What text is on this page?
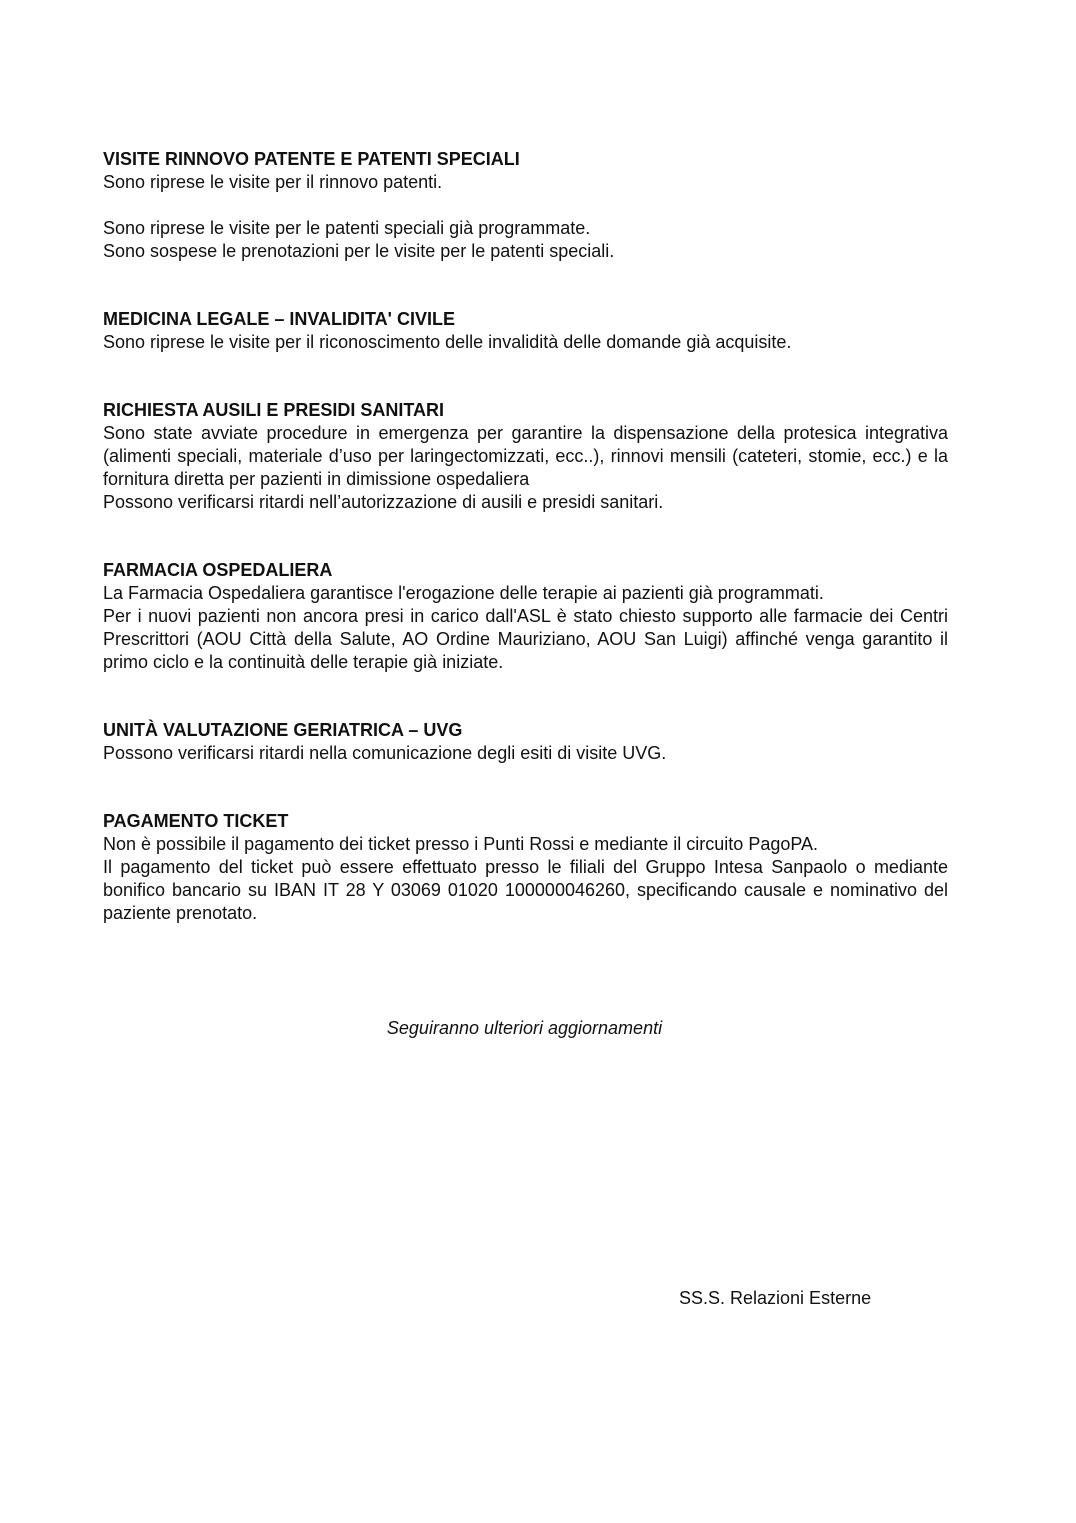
VISITE RINNOVO PATENTE E PATENTI SPECIALI

Sono riprese le visite per il rinnovo patenti.

Sono riprese le visite per le patenti speciali già programmate.
Sono sospese le prenotazioni per le visite per le patenti speciali.

MEDICINA LEGALE – INVALIDITA' CIVILE

Sono riprese le visite per il riconoscimento delle invalidità delle domande già acquisite.

RICHIESTA AUSILI E PRESIDI SANITARI

Sono state avviate procedure in emergenza per garantire la dispensazione della protesica integrativa (alimenti speciali, materiale d’uso per laringectomizzati, ecc..), rinnovi mensili (cateteri, stomie, ecc.) e la fornitura diretta per pazienti in dimissione ospedaliera

Possono verificarsi ritardi nell’autorizzazione di ausili e presidi sanitari.

FARMACIA OSPEDALIERA

La Farmacia Ospedaliera garantisce l'erogazione delle terapie ai pazienti già programmati.

Per i nuovi pazienti non ancora presi in carico dall'ASL è stato chiesto supporto alle farmacie dei Centri Prescrittori (AOU Città della Salute, AO Ordine Mauriziano, AOU San Luigi) affinché venga garantito il primo ciclo e la continuità delle terapie già iniziate.

UNITÀ VALUTAZIONE GERIATRICA – UVG

Possono verificarsi ritardi nella comunicazione degli esiti di visite UVG.

PAGAMENTO TICKET

Non è possibile il pagamento dei ticket presso i Punti Rossi e mediante il circuito PagoPA.

Il pagamento del ticket può essere effettuato presso le filiali del Gruppo Intesa Sanpaolo o mediante bonifico bancario su IBAN IT 28 Y 03069 01020 100000046260, specificando causale e nominativo del paziente prenotato.

Seguiranno ulteriori aggiornamenti
SS.S. Relazioni Esterne
